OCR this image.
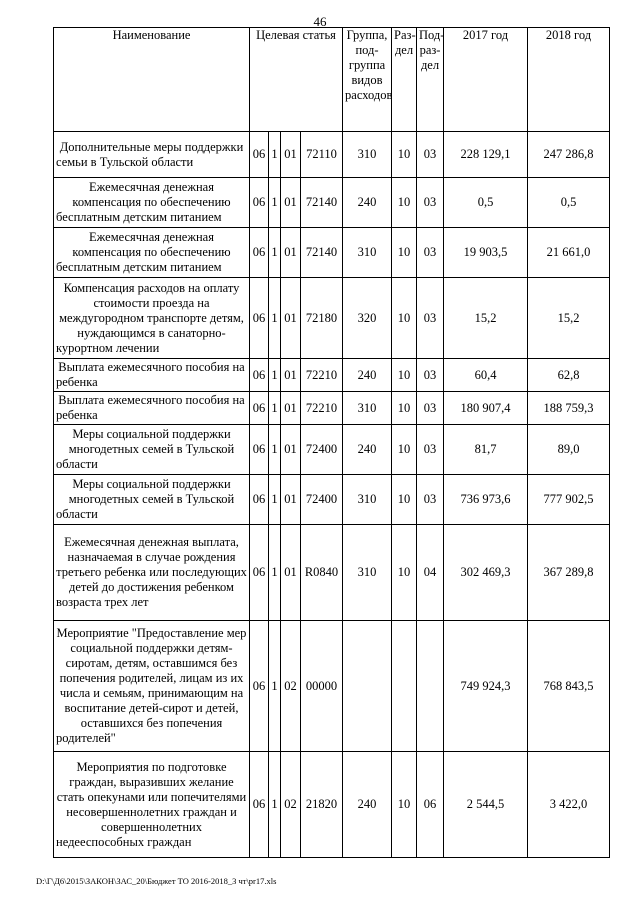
46
Наименование	Целевая статья				Группа, под- группа видов расходов	Раз- дел	Под- раз- дел	2017 год	2018 год
Дополнительные меры поддержки семьи в Тульской области	06	1	01	72110	310	10	03	228 129,1	247 286,8
Ежемесячная денежная компенсация по обеспечению бесплатным детским питанием	06	1	01	72140	240	10	03	0,5	0,5
Ежемесячная денежная компенсация по обеспечению бесплатным детским питанием	06	1	01	72140	310	10	03	19 903,5	21 661,0
Компенсация расходов на оплату стоимости проезда на междугородном транспорте детям, нуждающимся в санаторно-курортном лечении	06	1	01	72180	320	10	03	15,2	15,2
Выплата ежемесячного пособия на ребенка	06	1	01	72210	240	10	03	60,4	62,8
Выплата ежемесячного пособия на ребенка	06	1	01	72210	310	10	03	180 907,4	188 759,3
Меры социальной поддержки многодетных семей в Тульской области	06	1	01	72400	240	10	03	81,7	89,0
Меры социальной поддержки многодетных семей в Тульской области	06	1	01	72400	310	10	03	736 973,6	777 902,5
Ежемесячная денежная выплата, назначаемая в случае рождения третьего ребенка или последующих детей до достижения ребенком возраста трех лет	06	1	01	R0840	310	10	04	302 469,3	367 289,8
Мероприятие "Предоставление мер социальной поддержки детям-сиротам, детям, оставшимся без попечения родителей, лицам из их числа и семьям, принимающим на воспитание детей-сирот и детей, оставшихся без попечения родителей"	06	1	02	00000				749 924,3	768 843,5
Мероприятия по подготовке граждан, выразивших желание стать опекунами или попечителями несовершеннолетних граждан и совершеннолетних недееспособных граждан	06	1	02	21820	240	10	06	2 544,5	3 422,0
D:\Г\Д6\2015\ЗАКОН\ЗАС_20\Бюджет ТО 2016-2018_3 чт\pr17.xls
